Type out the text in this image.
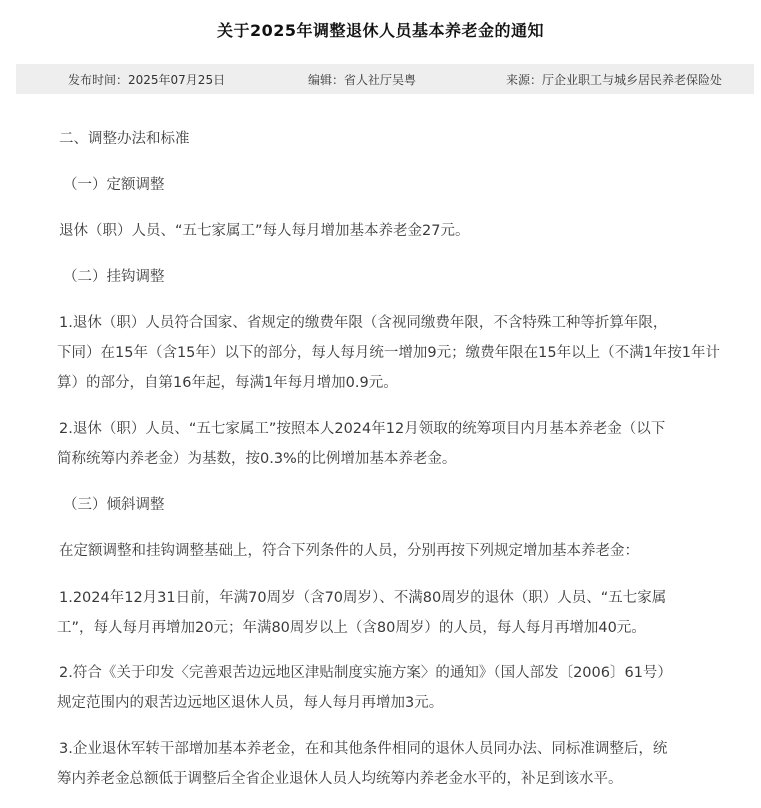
关于2025年调整退休人员基本养老金的通知
发布时间：2025年07月25日	编辑：省人社厅吴粤	来源：厅企业职工与城乡居民养老保险处
二、调整办法和标准
（一）定额调整
退休（职）人员、“五七家属工”每人每月增加基本养老金27元。
（二）挂钩调整
1.退休（职）人员符合国家、省规定的缴费年限（含视同缴费年限，不含特殊工种等折算年限，
下同）在15年（含15年）以下的部分，每人每月统一增加9元；缴费年限在15年以上（不满1年按1年计
算）的部分，自第16年起，每满1年每月增加0.9元。
2.退休（职）人员、“五七家属工”按照本人2024年12月领取的统筹项目内月基本养老金（以下
简称统筹内养老金）为基数，按0.3%的比例增加基本养老金。
（三）倾斜调整
在定额调整和挂钩调整基础上，符合下列条件的人员，分别再按下列规定增加基本养老金：
1.2024年12月31日前，年满70周岁（含70周岁）、不满80周岁的退休（职）人员、“五七家属
工”，每人每月再增加20元；年满80周岁以上（含80周岁）的人员，每人每月再增加40元。
2.符合《关于印发〈完善艰苦边远地区津贴制度实施方案〉的通知》（国人部发〔2006〕61号）
规定范围内的艰苦边远地区退休人员，每人每月再增加3元。
3.企业退休军转干部增加基本养老金，在和其他条件相同的退休人员同办法、同标准调整后，统
筹内养老金总额低于调整后全省企业退休人员人均统筹内养老金水平的，补足到该水平。
